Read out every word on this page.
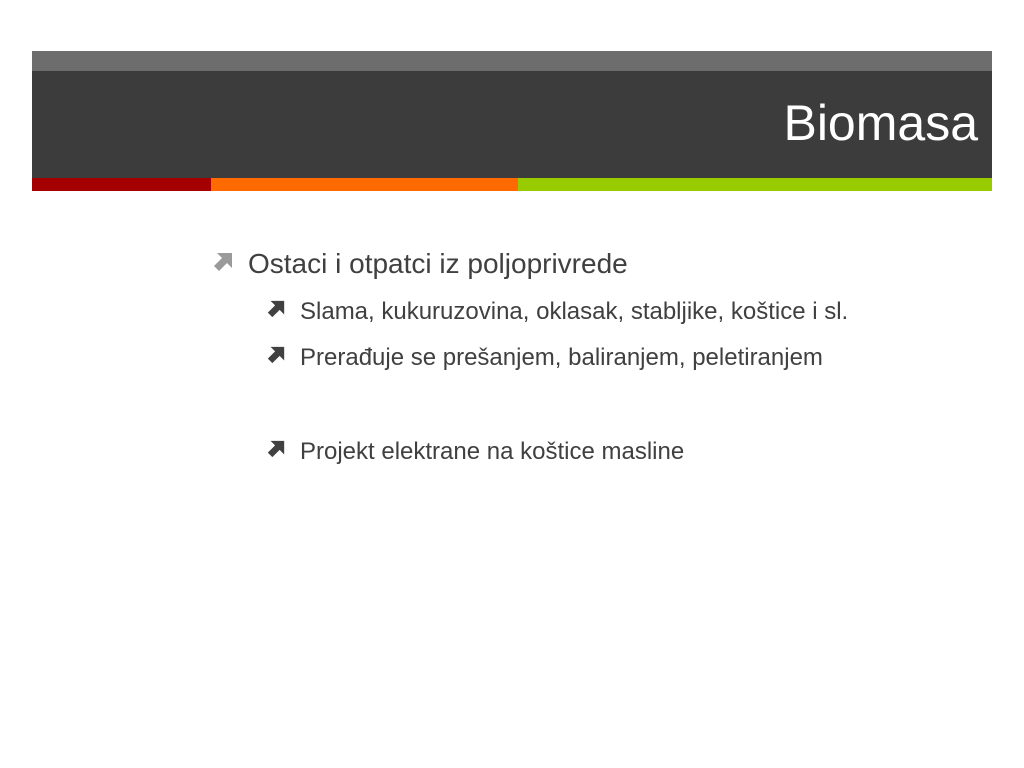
Biomasa
Ostaci i otpatci iz poljoprivrede
Slama, kukuruzovina, oklasak, stabljike, koštice i sl.
Prerađuje se prešanjem, baliranjem, peletiranjem
Projekt elektrane na koštice masline
